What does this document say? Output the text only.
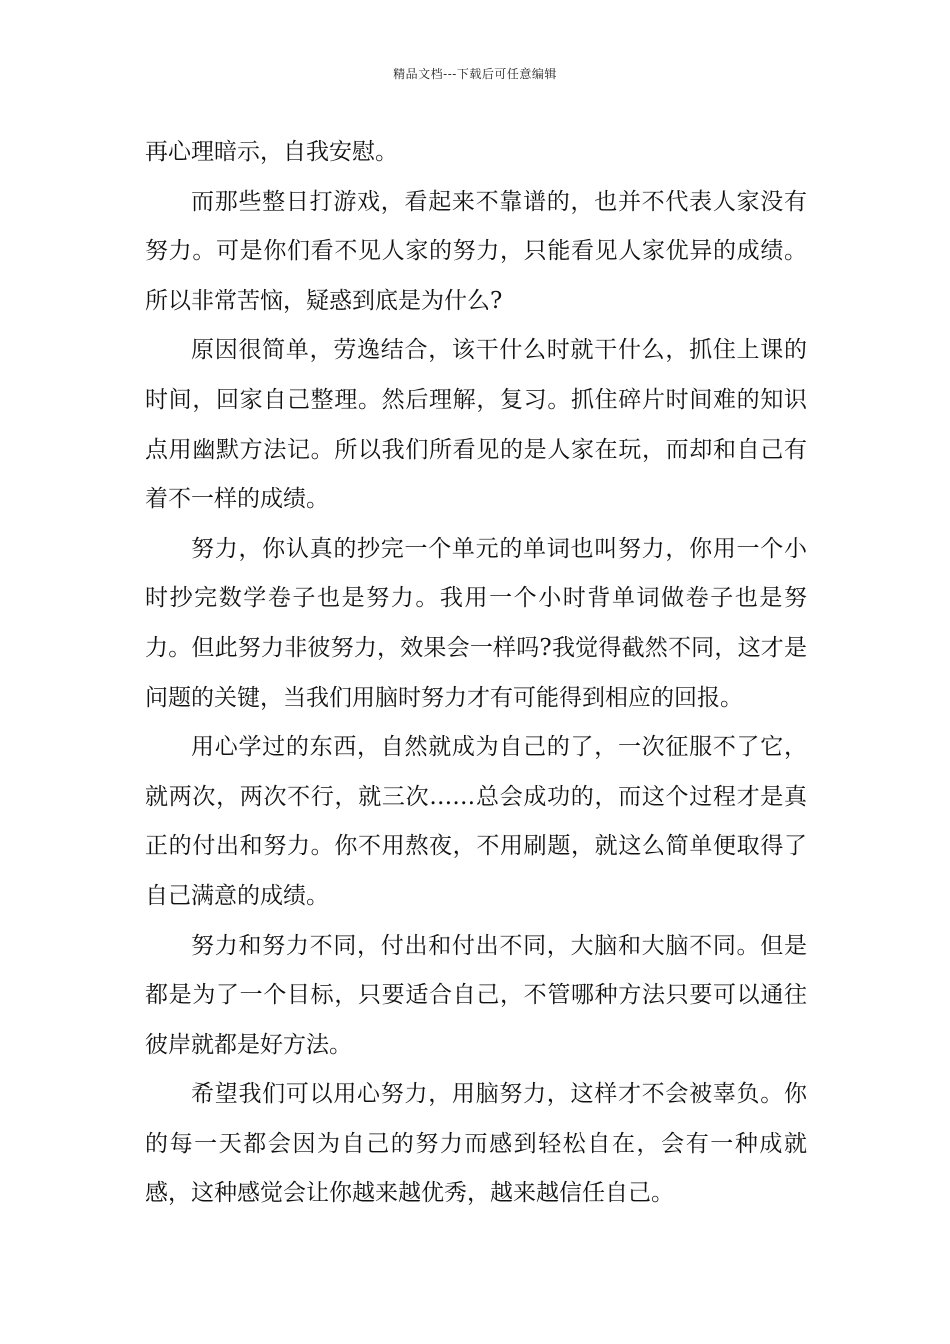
精品文档---下载后可任意编辑

再心理暗示，自我安慰。

而那些整日打游戏，看起来不靠谱的，也并不代表人家没有努力。可是你们看不见人家的努力，只能看见人家优异的成绩。所以非常苦恼，疑惑到底是为什么?

原因很简单，劳逸结合，该干什么时就干什么，抓住上课的时间，回家自己整理。然后理解，复习。抓住碎片时间难的知识点用幽默方法记。所以我们所看见的是人家在玩，而却和自己有着不一样的成绩。

努力，你认真的抄完一个单元的单词也叫努力，你用一个小时抄完数学卷子也是努力。我用一个小时背单词做卷子也是努力。但此努力非彼努力，效果会一样吗?我觉得截然不同，这才是问题的关键，当我们用脑时努力才有可能得到相应的回报。

用心学过的东西，自然就成为自己的了，一次征服不了它，就两次，两次不行，就三次……总会成功的，而这个过程才是真正的付出和努力。你不用熬夜，不用刷题，就这么简单便取得了自己满意的成绩。

努力和努力不同，付出和付出不同，大脑和大脑不同。但是都是为了一个目标，只要适合自己，不管哪种方法只要可以通往彼岸就都是好方法。

希望我们可以用心努力，用脑努力，这样才不会被辜负。你的每一天都会因为自己的努力而感到轻松自在，会有一种成就感，这种感觉会让你越来越优秀，越来越信任自己。
